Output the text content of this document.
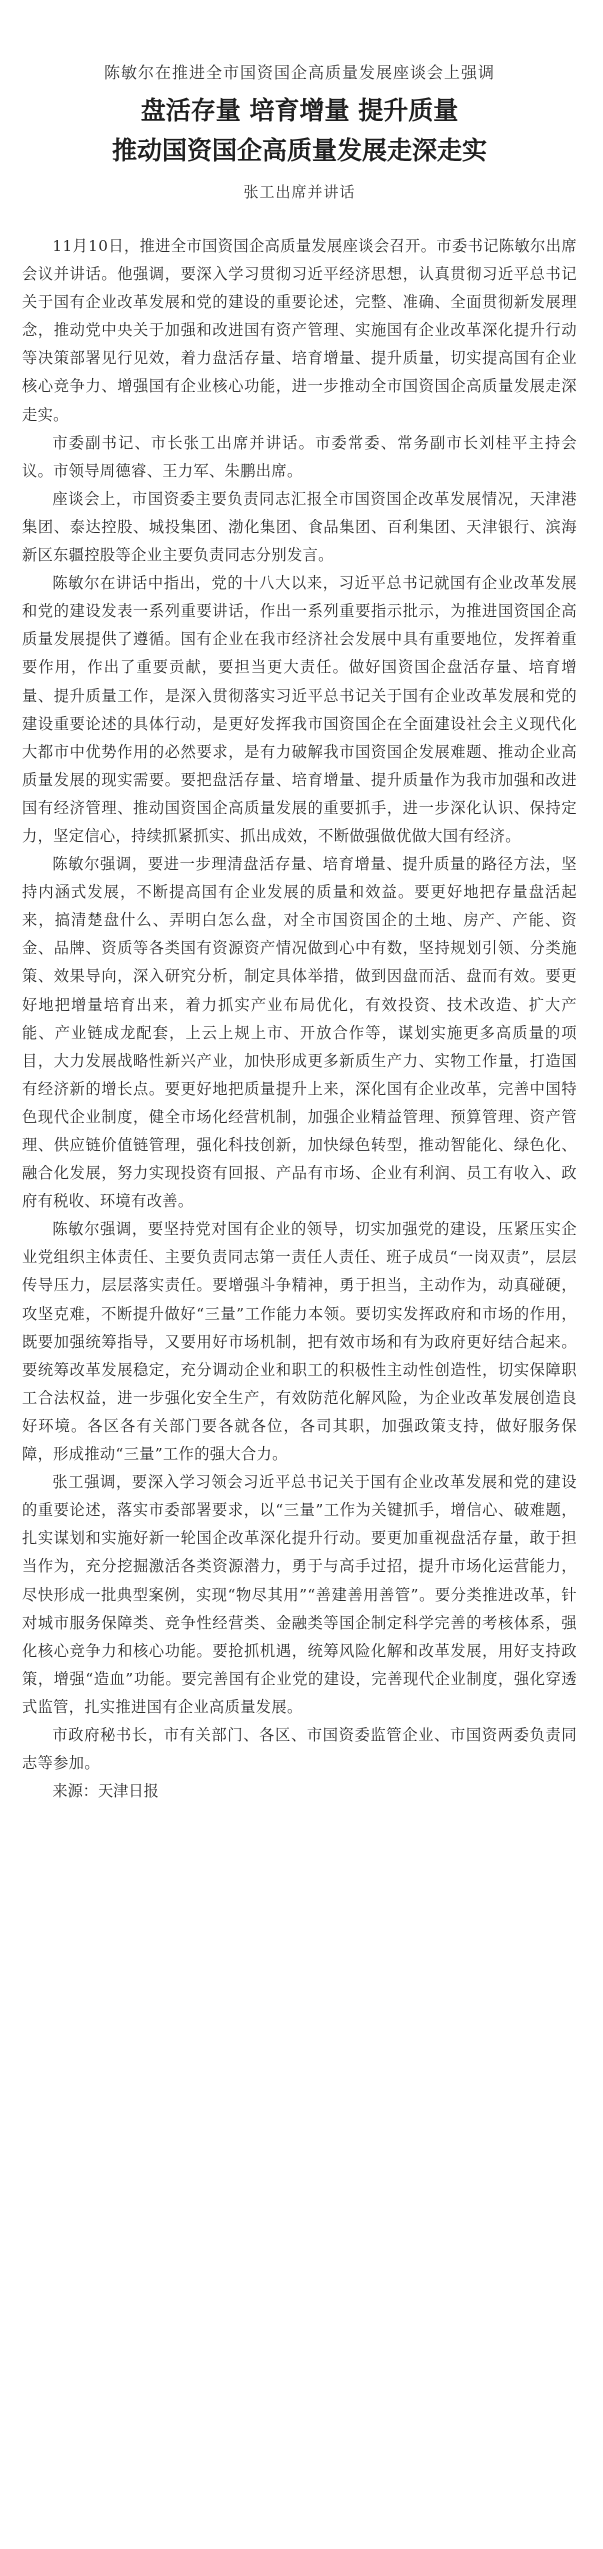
陈敏尔在推进全市国资国企高质量发展座谈会上强调

盘活存量 培育增量 提升质量
推动国资国企高质量发展走深走实

张工出席并讲话

11月10日，推进全市国资国企高质量发展座谈会召开。市委书记陈敏尔出席会议并讲话。他强调，要深入学习贯彻习近平经济思想，认真贯彻习近平总书记关于国有企业改革发展和党的建设的重要论述，完整、准确、全面贯彻新发展理念，推动党中央关于加强和改进国有资产管理、实施国有企业改革深化提升行动等决策部署见行见效，着力盘活存量、培育增量、提升质量，切实提高国有企业核心竞争力、增强国有企业核心功能，进一步推动全市国资国企高质量发展走深走实。

市委副书记、市长张工出席并讲话。市委常委、常务副市长刘桂平主持会议。市领导周德睿、王力军、朱鹏出席。

座谈会上，市国资委主要负责同志汇报全市国资国企改革发展情况，天津港集团、泰达控股、城投集团、渤化集团、食品集团、百利集团、天津银行、滨海新区东疆控股等企业主要负责同志分别发言。

陈敏尔在讲话中指出，党的十八大以来，习近平总书记就国有企业改革发展和党的建设发表一系列重要讲话，作出一系列重要指示批示，为推进国资国企高质量发展提供了遵循。国有企业在我市经济社会发展中具有重要地位，发挥着重要作用，作出了重要贡献，要担当更大责任。做好国资国企盘活存量、培育增量、提升质量工作，是深入贯彻落实习近平总书记关于国有企业改革发展和党的建设重要论述的具体行动，是更好发挥我市国资国企在全面建设社会主义现代化大都市中优势作用的必然要求，是有力破解我市国资国企发展难题、推动企业高质量发展的现实需要。要把盘活存量、培育增量、提升质量作为我市加强和改进国有经济管理、推动国资国企高质量发展的重要抓手，进一步深化认识、保持定力，坚定信心，持续抓紧抓实、抓出成效，不断做强做优做大国有经济。

陈敏尔强调，要进一步理清盘活存量、培育增量、提升质量的路径方法，坚持内涵式发展，不断提高国有企业发展的质量和效益。要更好地把存量盘活起来，搞清楚盘什么、弄明白怎么盘，对全市国资国企的土地、房产、产能、资金、品牌、资质等各类国有资源资产情况做到心中有数，坚持规划引领、分类施策、效果导向，深入研究分析，制定具体举措，做到因盘而活、盘而有效。要更好地把增量培育出来，着力抓实产业布局优化，有效投资、技术改造、扩大产能、产业链成龙配套，上云上规上市、开放合作等，谋划实施更多高质量的项目，大力发展战略性新兴产业，加快形成更多新质生产力、实物工作量，打造国有经济新的增长点。要更好地把质量提升上来，深化国有企业改革，完善中国特色现代企业制度，健全市场化经营机制，加强企业精益管理、预算管理、资产管理、供应链价值链管理，强化科技创新，加快绿色转型，推动智能化、绿色化、融合化发展，努力实现投资有回报、产品有市场、企业有利润、员工有收入、政府有税收、环境有改善。

陈敏尔强调，要坚持党对国有企业的领导，切实加强党的建设，压紧压实企业党组织主体责任、主要负责同志第一责任人责任、班子成员“一岗双责”，层层传导压力，层层落实责任。要增强斗争精神，勇于担当，主动作为，动真碰硬，攻坚克难，不断提升做好“三量”工作能力本领。要切实发挥政府和市场的作用，既要加强统筹指导，又要用好市场机制，把有效市场和有为政府更好结合起来。要统筹改革发展稳定，充分调动企业和职工的积极性主动性创造性，切实保障职工合法权益，进一步强化安全生产，有效防范化解风险，为企业改革发展创造良好环境。各区各有关部门要各就各位，各司其职，加强政策支持，做好服务保障，形成推动“三量”工作的强大合力。

张工强调，要深入学习领会习近平总书记关于国有企业改革发展和党的建设的重要论述，落实市委部署要求，以“三量”工作为关键抓手，增信心、破难题，扎实谋划和实施好新一轮国企改革深化提升行动。要更加重视盘活存量，敢于担当作为，充分挖掘激活各类资源潜力，勇于与高手过招，提升市场化运营能力，尽快形成一批典型案例，实现“物尽其用”“善建善用善管”。要分类推进改革，针对城市服务保障类、竞争性经营类、金融类等国企制定科学完善的考核体系，强化核心竞争力和核心功能。要抢抓机遇，统筹风险化解和改革发展，用好支持政策，增强“造血”功能。要完善国有企业党的建设，完善现代企业制度，强化穿透式监管，扎实推进国有企业高质量发展。

市政府秘书长，市有关部门、各区、市国资委监管企业、市国资两委负责同志等参加。

来源：天津日报
